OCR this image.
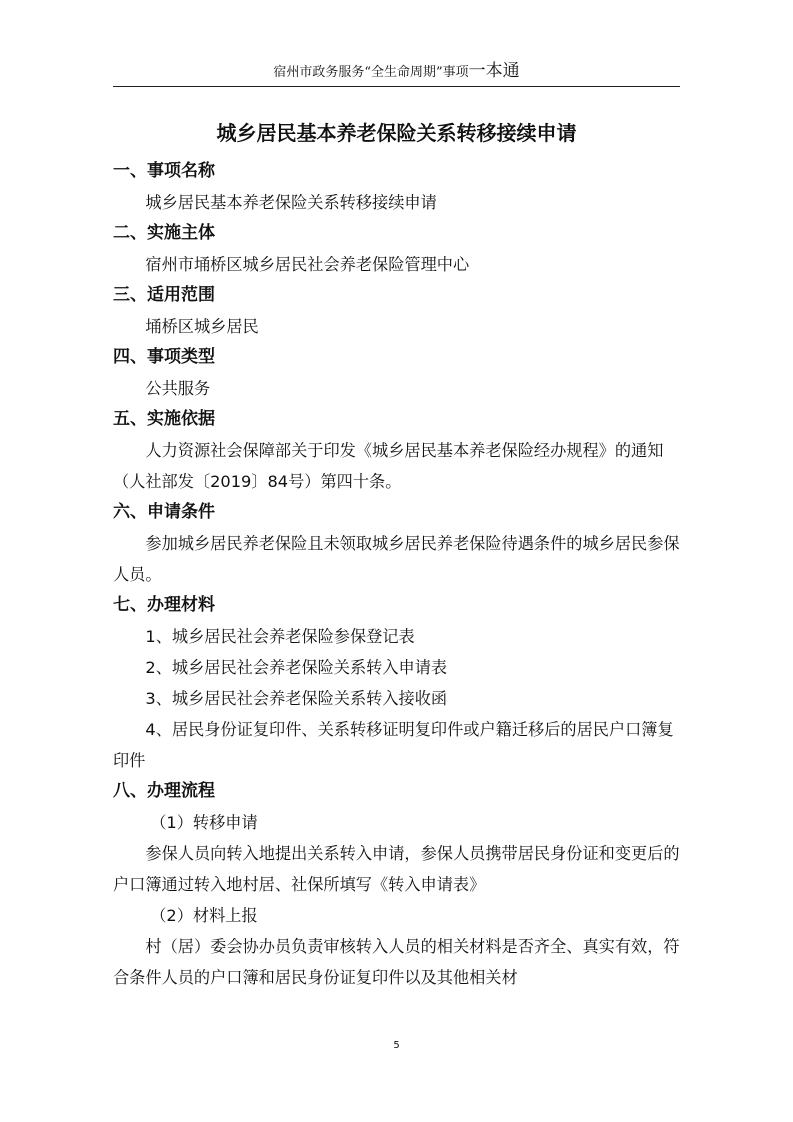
宿州市政务服务“全生命周期”事项一本通
城乡居民基本养老保险关系转移接续申请

一、事项名称

城乡居民基本养老保险关系转移接续申请

二、实施主体

宿州市埇桥区城乡居民社会养老保险管理中心

三、适用范围

埇桥区城乡居民

四、事项类型

公共服务

五、实施依据

人力资源社会保障部关于印发《城乡居民基本养老保险经办规程》的通知（人社部发〔2019〕84号）第四十条。

六、申请条件

参加城乡居民养老保险且未领取城乡居民养老保险待遇条件的城乡居民参保人员。

七、办理材料

1、城乡居民社会养老保险参保登记表

2、城乡居民社会养老保险关系转入申请表

3、城乡居民社会养老保险关系转入接收函

4、居民身份证复印件、关系转移证明复印件或户籍迁移后的居民户口簿复印件

八、办理流程

（1）转移申请

参保人员向转入地提出关系转入申请，参保人员携带居民身份证和变更后的户口簿通过转入地村居、社保所填写《转入申请表》

（2）材料上报

村（居）委会协办员负责审核转入人员的相关材料是否齐全、真实有效，符合条件人员的户口簿和居民身份证复印件以及其他相关材

5
